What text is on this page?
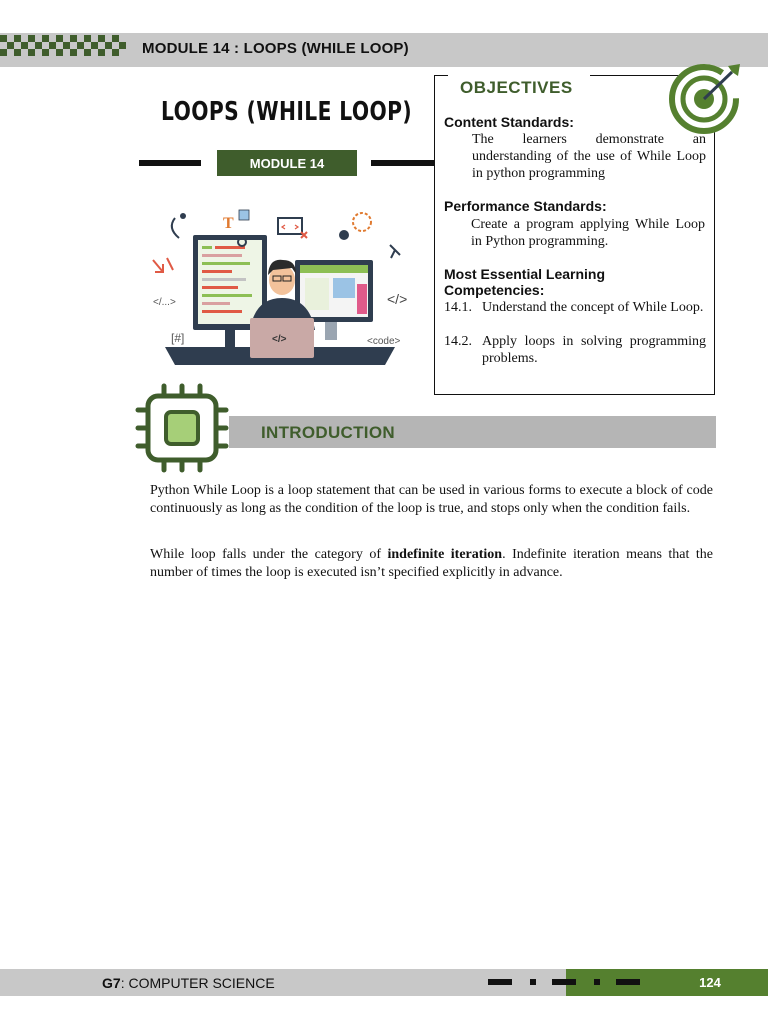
MODULE 14 : LOOPS (WHILE LOOP)
LOOPS (WHILE LOOP)
MODULE 14
</>
T
</...>	</>
[#]	<code>
OBJECTIVES
Content Standards:
The learners demonstrate an understanding of the use of While Loop in python programming
Performance Standards:
Create a program applying While Loop in Python programming.
Most Essential Learning
Competencies:
14.1. Understand the concept of While Loop.
14.2. Apply loops in solving programming problems.
INTRODUCTION
Python While Loop is a loop statement that can be used in various forms to execute a block of code continuously as long as the condition of the loop is true, and stops only when the condition fails.
While loop falls under the category of indefinite iteration. Indefinite iteration means that the number of times the loop is executed isn’t specified explicitly in advance.
G7: COMPUTER SCIENCE	124
